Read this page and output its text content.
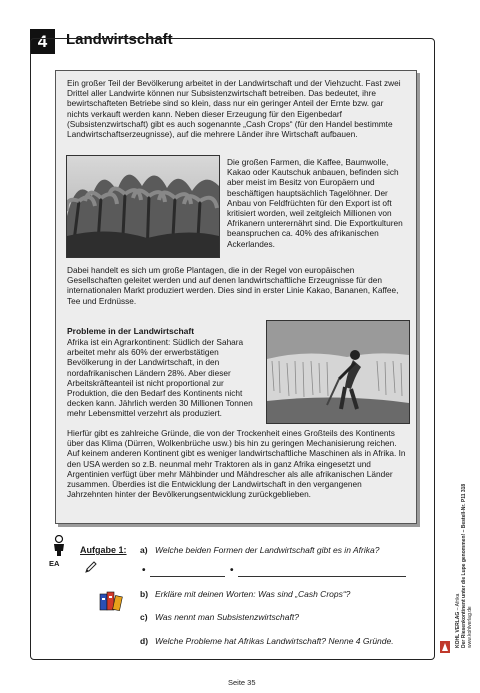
4	Landwirtschaft

Ein großer Teil der Bevölkerung arbeitet in der Landwirtschaft und der Viehzucht. Fast zwei Drittel aller Landwirte können nur Subsistenzwirtschaft betreiben. Das bedeutet, ihre bewirtschafteten Betriebe sind so klein, dass nur ein geringer Anteil der Ernte bzw. gar nichts verkauft werden kann. Neben dieser Erzeugung für den Eigenbedarf (Subsistenzwirtschaft) gibt es auch sogenannte „Cash Crops“ (für den Handel bestimmte Landwirtschaftserzeugnisse), auf die mehrere Länder ihre Wirtschaft aufbauen.

Die großen Farmen, die Kaffee, Baumwolle, Kakao oder Kautschuk anbauen, befinden sich aber meist im Besitz von Europäern und beschäftigen hauptsächlich Tagelöhner. Der Anbau von Feldfrüchten für den Export ist oft kritisiert worden, weil zeitgleich Millionen von Afrikanern unterernährt sind. Die Exportkulturen beanspruchen ca. 40% des afrikanischen Ackerlandes.

Dabei handelt es sich um große Plantagen, die in der Regel von europäischen Gesellschaften geleitet werden und auf denen landwirtschaftliche Erzeugnisse für den internationalen Markt produziert werden. Dies sind in erster Linie Kakao, Bananen, Kaffee, Tee und Erdnüsse.

Probleme in der Landwirtschaft

Afrika ist ein Agrarkontinent: Südlich der Sahara arbeitet mehr als 60% der erwerbstätigen Bevölkerung in der Landwirtschaft, in den nordafrikanischen Ländern 28%. Aber dieser Arbeitskräfteanteil ist nicht proportional zur Produktion, die den Bedarf des Kontinents nicht decken kann. Jährlich werden 30 Millionen Tonnen mehr Lebensmittel verzehrt als produziert.

Hierfür gibt es zahlreiche Gründe, die von der Trockenheit eines Großteils des Kontinents über das Klima (Dürren, Wolkenbrüche usw.) bis hin zu geringen Mechanisierung reichen. Auf keinem anderen Kontinent gibt es weniger landwirtschaftliche Maschinen als in Afrika. In den USA werden so z.B. neunmal mehr Traktoren als in ganz Afrika eingesetzt und Argentinien verfügt über mehr Mähbinder und Mähdrescher als alle afrikanischen Länder zusammen. Überdies ist die Entwicklung der Landwirtschaft in den vergangenen Jahrzehnten hinter der Bevölkerungsentwicklung zurückgeblieben.

EA
Aufgabe 1: a) Welche beiden Formen der Landwirtschaft gibt es in Afrika?
•	•
b) Erkläre mit deinen Worten: Was sind „Cash Crops“?
c) Was nennt man Subsistenzwirtschaft?
d) Welche Probleme hat Afrikas Landwirtschaft? Nenne 4 Gründe.
Seite 35
KOHL VERLAG – Afrika Der Riesenkontinent unter die Lupe genommen! – Bestell-Nr. P11 318 www.kohlverlag.de
